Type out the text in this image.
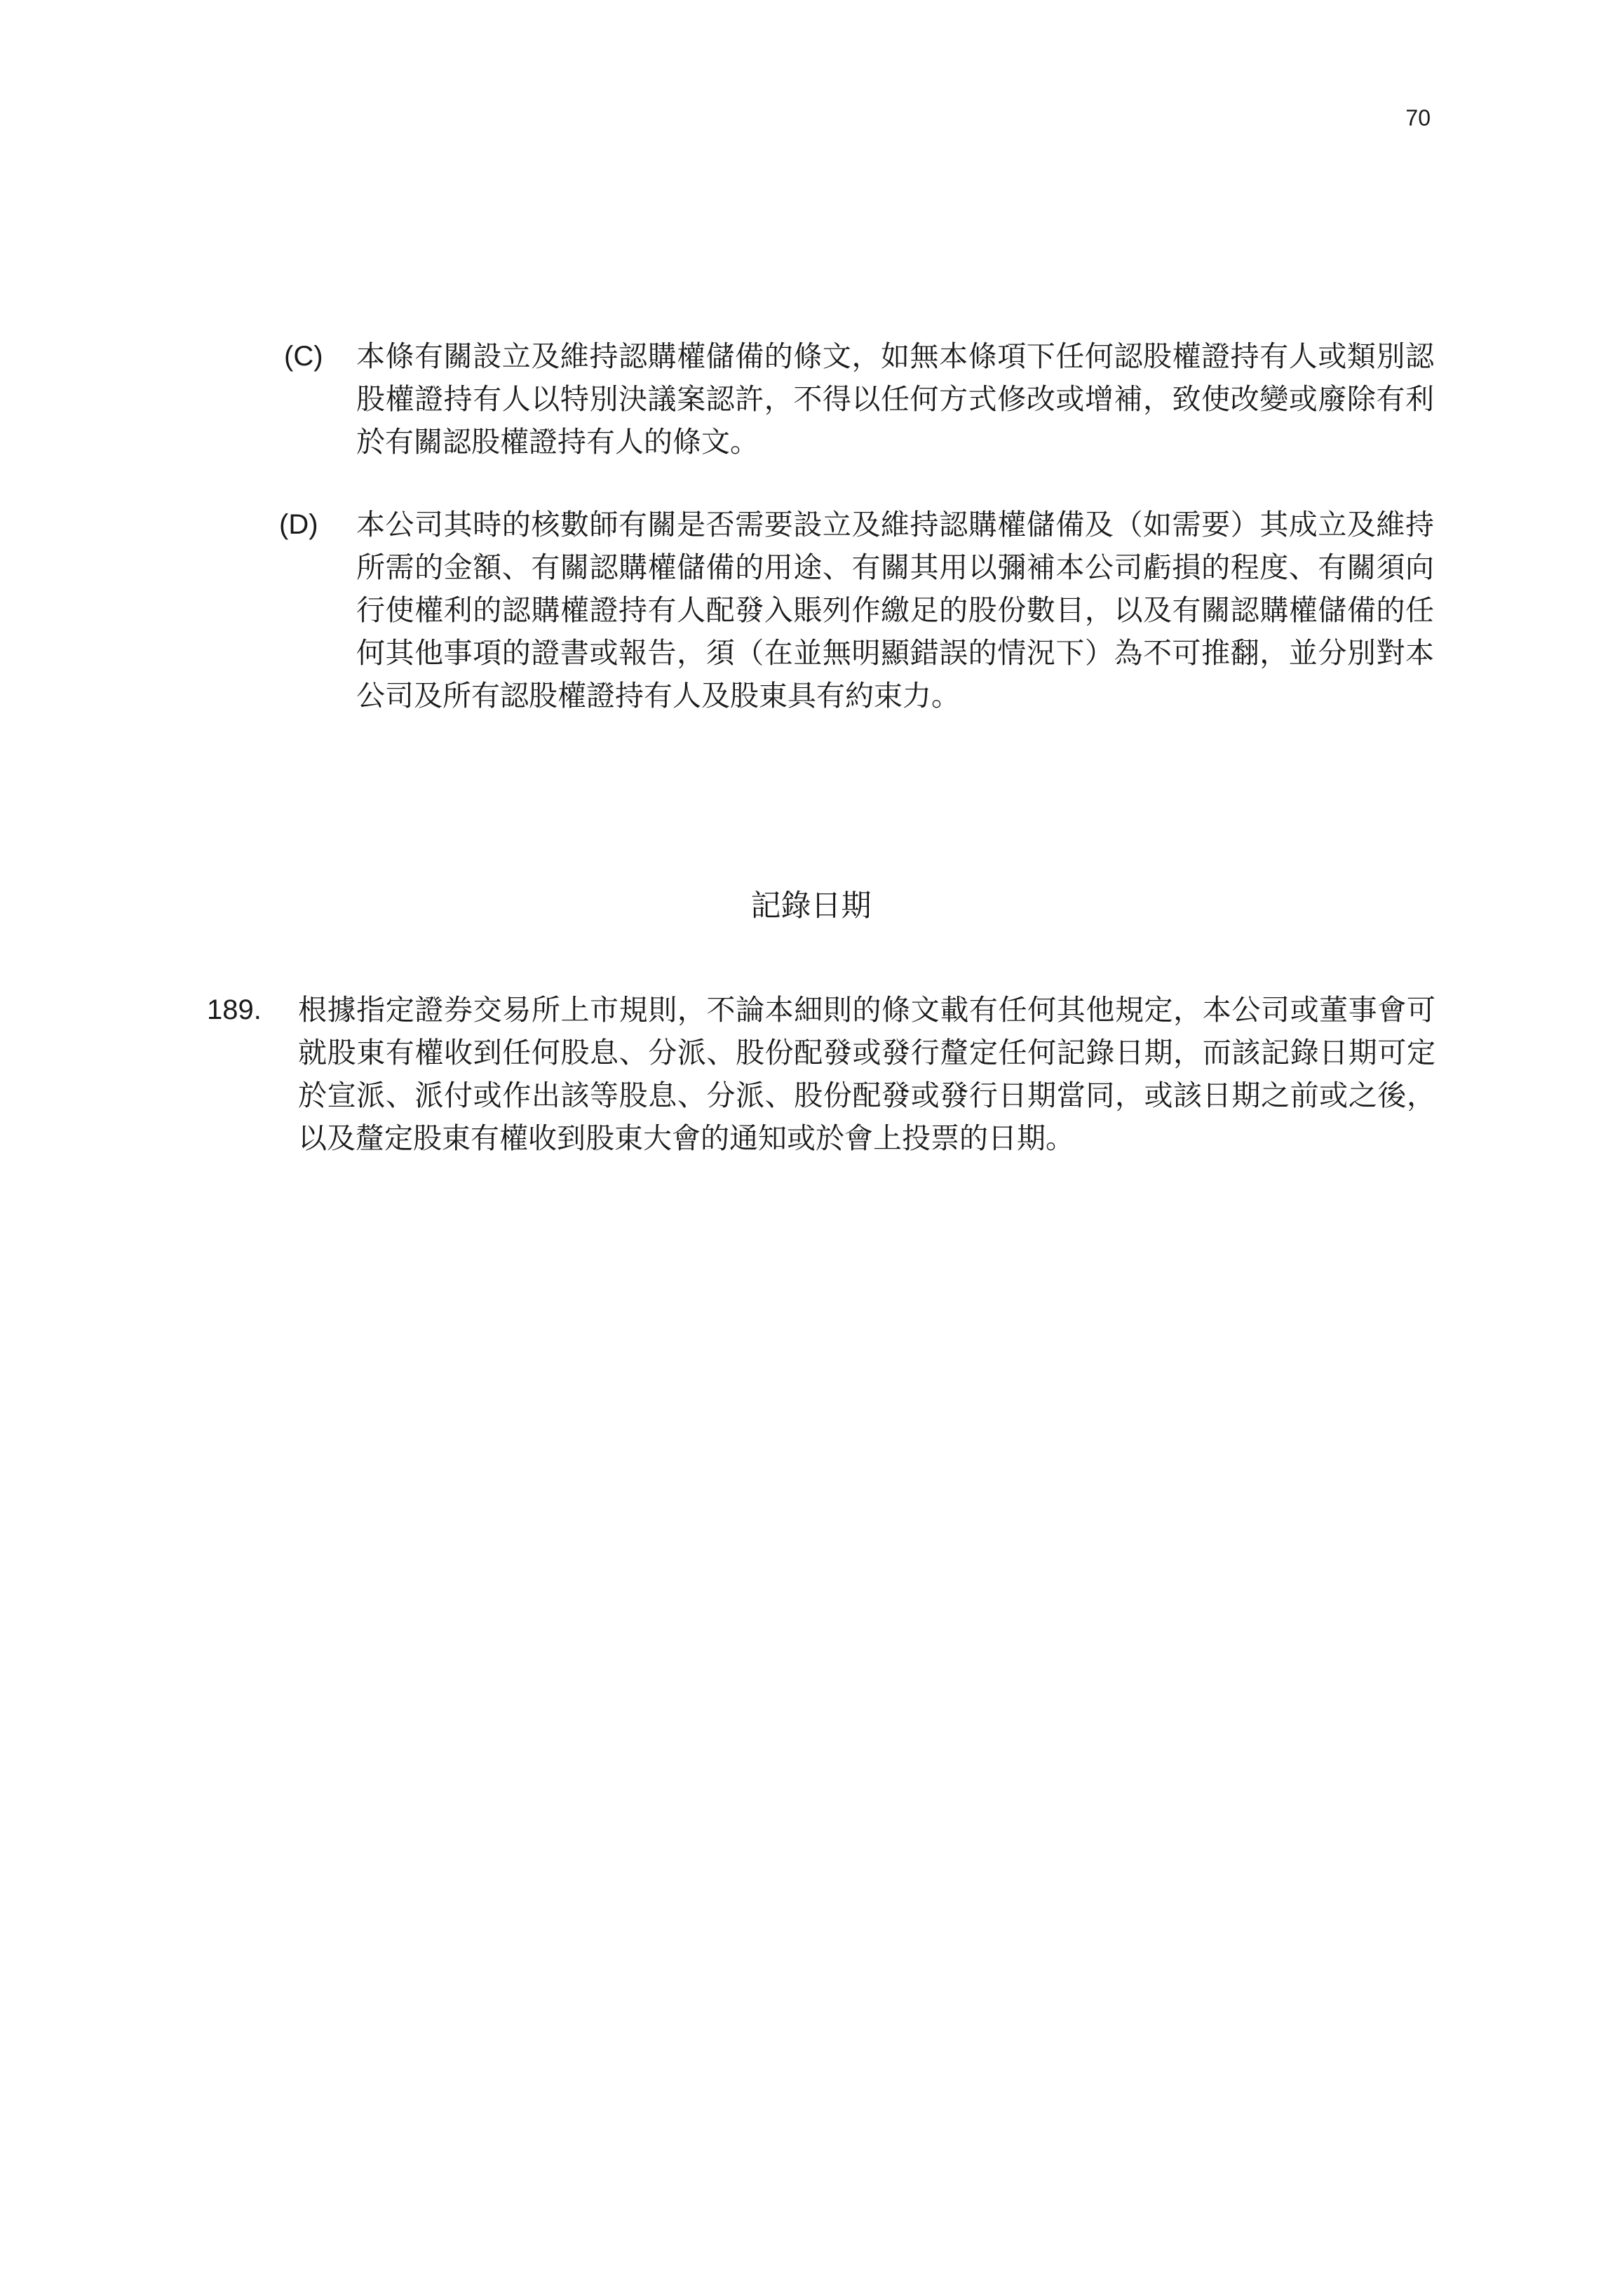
70
(C) 本條有關設立及維持認購權儲備的條文，如無本條項下任何認股權證持有人或類別認股權證持有人以特別決議案認許，不得以任何方式修改或增補，致使改變或廢除有利於有關認股權證持有人的條文。
(D) 本公司其時的核數師有關是否需要設立及維持認購權儲備及（如需要）其成立及維持所需的金額、有關認購權儲備的用途、有關其用以彌補本公司虧損的程度、有關須向行使權利的認購權證持有人配發入賬列作繳足的股份數目，以及有關認購權儲備的任何其他事項的證書或報告，須（在並無明顯錯誤的情況下）為不可推翻，並分別對本公司及所有認股權證持有人及股東具有約束力。
記錄日期
189. 根據指定證券交易所上市規則，不論本細則的條文載有任何其他規定，本公司或董事會可就股東有權收到任何股息、分派、股份配發或發行釐定任何記錄日期，而該記錄日期可定於宣派、派付或作出該等股息、分派、股份配發或發行日期當同，或該日期之前或之後，以及釐定股東有權收到股東大會的通知或於會上投票的日期。
